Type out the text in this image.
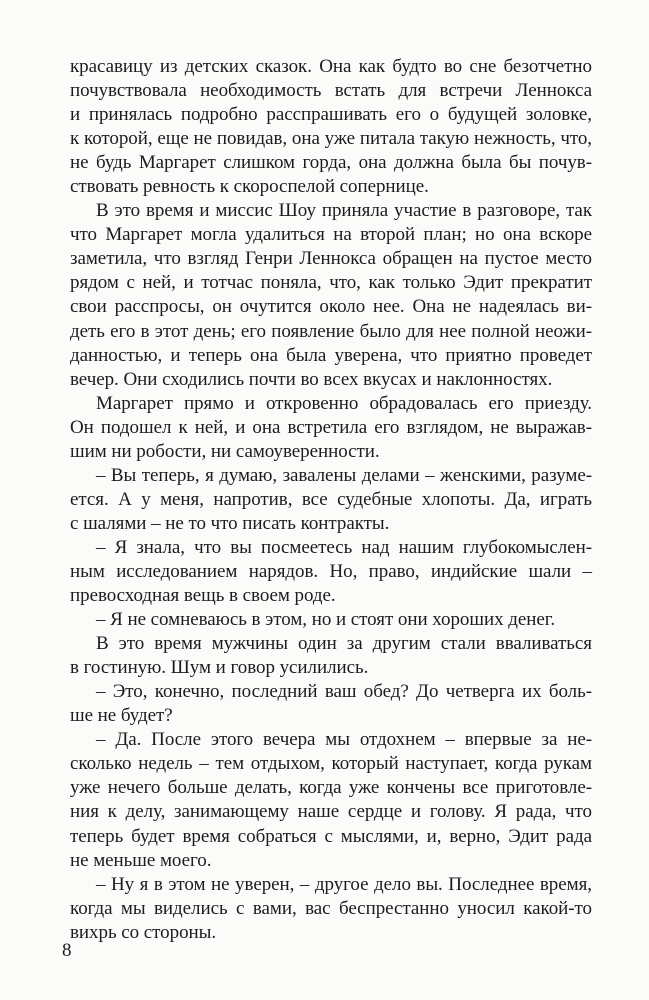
красавицу из детских сказок. Она как будто во сне безотчетно
почувствовала необходимость встать для встречи Леннокса
и принялась подробно расспрашивать его о будущей золовке,
к которой, еще не повидав, она уже питала такую нежность, что,
не будь Маргарет слишком горда, она должна была бы почув-
ствовать ревность к скороспелой сопернице.
В это время и миссис Шоу приняла участие в разговоре, так
что Маргарет могла удалиться на второй план; но она вскоре
заметила, что взгляд Генри Леннокса обращен на пустое место
рядом с ней, и тотчас поняла, что, как только Эдит прекратит
свои расспросы, он очутится около нее. Она не надеялась ви-
деть его в этот день; его появление было для нее полной неожи-
данностью, и теперь она была уверена, что приятно проведет
вечер. Они сходились почти во всех вкусах и наклонностях.
Маргарет прямо и откровенно обрадовалась его приезду.
Он подошел к ней, и она встретила его взглядом, не выражав-
шим ни робости, ни самоуверенности.
– Вы теперь, я думаю, завалены делами – женскими, разуме-
ется. А у меня, напротив, все судебные хлопоты. Да, играть
с шалями – не то что писать контракты.
– Я знала, что вы посмеетесь над нашим глубокомыслен-
ным исследованием нарядов. Но, право, индийские шали –
превосходная вещь в своем роде.
– Я не сомневаюсь в этом, но и стоят они хороших денег.
В это время мужчины один за другим стали вваливаться
в гостиную. Шум и говор усилились.
– Это, конечно, последний ваш обед? До четверга их боль-
ше не будет?
– Да. После этого вечера мы отдохнем – впервые за не-
сколько недель – тем отдыхом, который наступает, когда рукам
уже нечего больше делать, когда уже кончены все приготовле-
ния к делу, занимающему наше сердце и голову. Я рада, что
теперь будет время собраться с мыслями, и, верно, Эдит рада
не меньше моего.
– Ну я в этом не уверен, – другое дело вы. Последнее время,
когда мы виделись с вами, вас беспрестанно уносил какой-то
вихрь со стороны.
8
